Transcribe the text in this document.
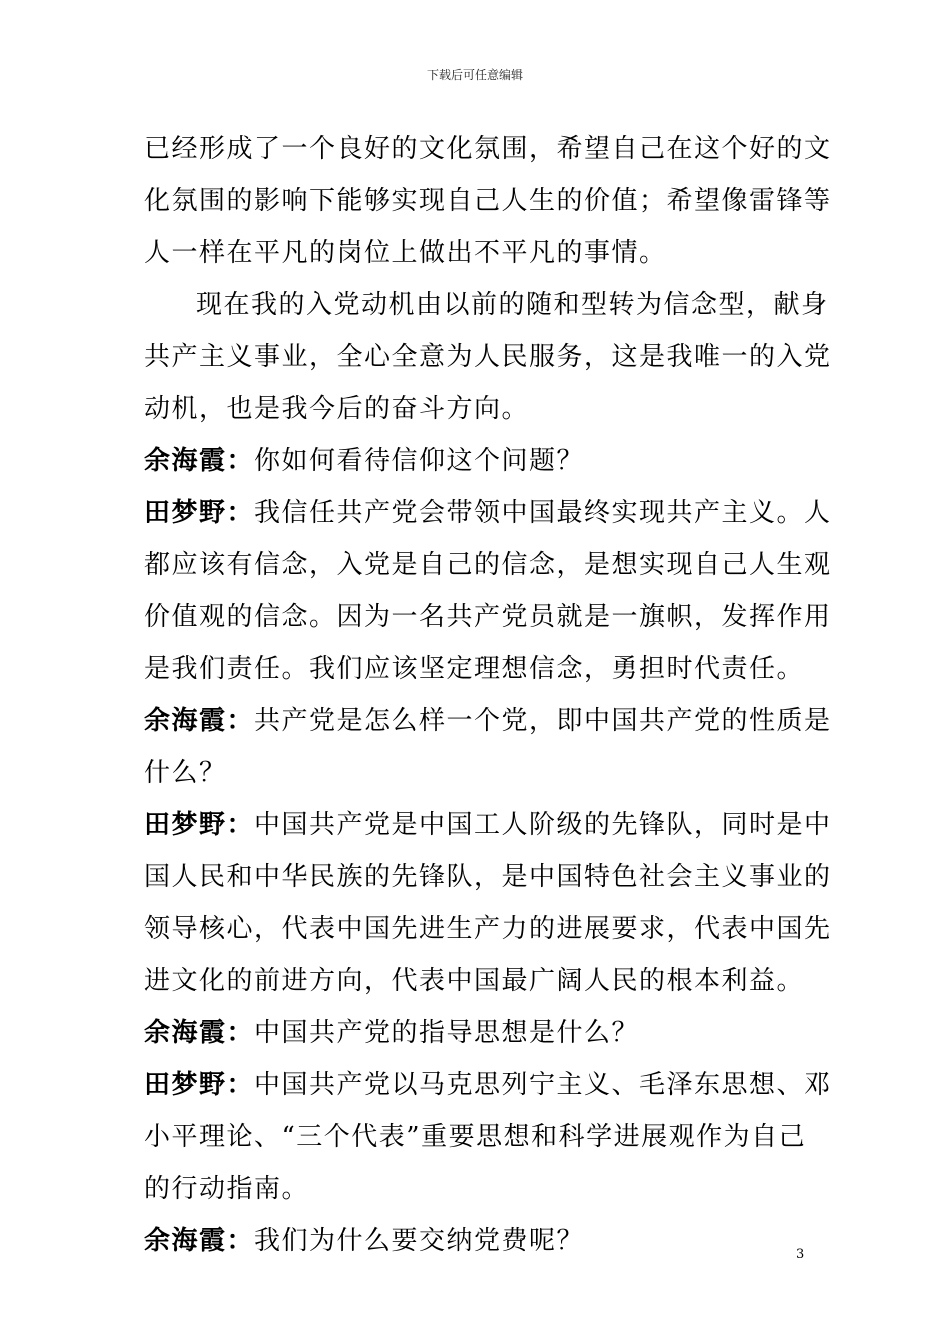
下载后可任意编辑
已经形成了一个良好的文化氛围，希望自己在这个好的文
化氛围的影响下能够实现自己人生的价值；希望像雷锋等
人一样在平凡的岗位上做出不平凡的事情。
现在我的入党动机由以前的随和型转为信念型，献身
共产主义事业，全心全意为人民服务，这是我唯一的入党
动机，也是我今后的奋斗方向。
余海霞：你如何看待信仰这个问题？
田梦野：我信任共产党会带领中国最终实现共产主义。人
都应该有信念，入党是自己的信念，是想实现自己人生观
价值观的信念。因为一名共产党员就是一旗帜，发挥作用
是我们责任。我们应该坚定理想信念，勇担时代责任。
余海霞：共产党是怎么样一个党，即中国共产党的性质是
什么？
田梦野：中国共产党是中国工人阶级的先锋队，同时是中
国人民和中华民族的先锋队，是中国特色社会主义事业的
领导核心，代表中国先进生产力的进展要求，代表中国先
进文化的前进方向，代表中国最广阔人民的根本利益。
余海霞：中国共产党的指导思想是什么？
田梦野：中国共产党以马克思列宁主义、毛泽东思想、邓
小平理论、“三个代表”重要思想和科学进展观作为自己
的行动指南。
余海霞：我们为什么要交纳党费呢？	3
